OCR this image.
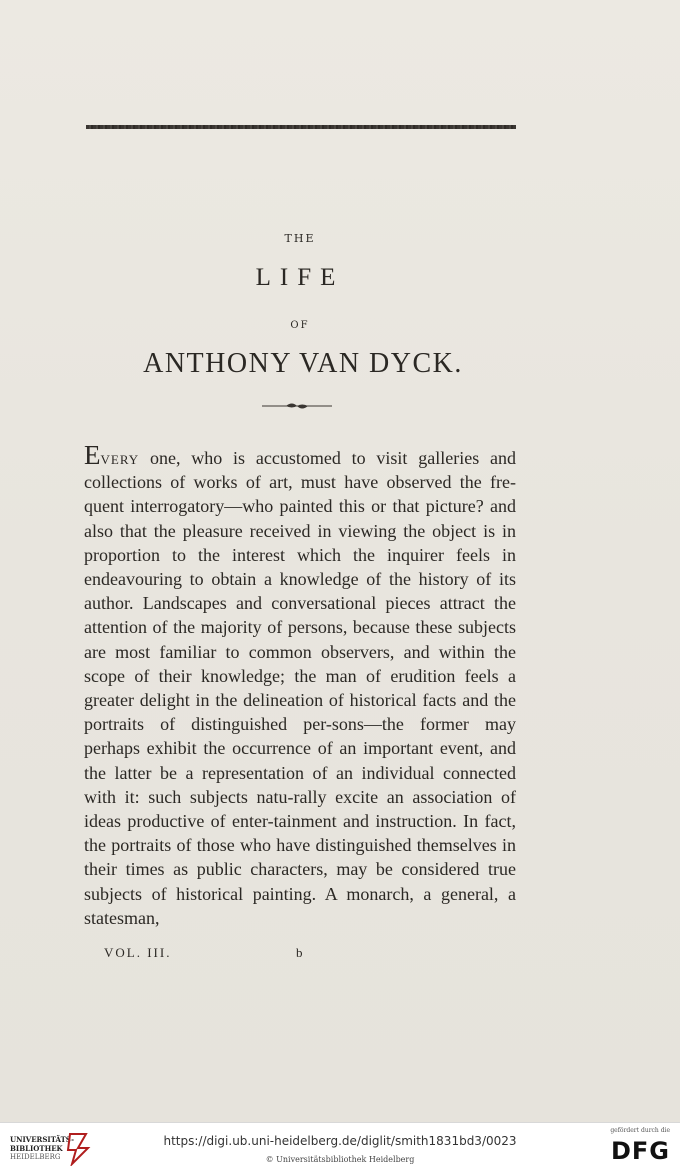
THE
LIFE
OF
ANTHONY VAN DYCK.

Every one, who is accustomed to visit galleries and collections of works of art, must have observed the fre-quent interrogatory—who painted this or that picture? and also that the pleasure received in viewing the object is in proportion to the interest which the inquirer feels in endeavouring to obtain a knowledge of the history of its author. Landscapes and conversational pieces attract the attention of the majority of persons, because these subjects are most familiar to common observers, and within the scope of their knowledge; the man of erudition feels a greater delight in the delineation of historical facts and the portraits of distinguished per-sons—the former may perhaps exhibit the occurrence of an important event, and the latter be a representation of an individual connected with it: such subjects natu-rally excite an association of ideas productive of enter-tainment and instruction. In fact, the portraits of those who have distinguished themselves in their times as public characters, may be considered true subjects of historical painting. A monarch, a general, a statesman,

VOL. III.	b
UNIVERSITÄTS-
BIBLIOTHEK
HEIDELBERG
https://digi.ub.uni-heidelberg.de/diglit/smith1831bd3/0023
© Universitätsbibliothek Heidelberg
gefördert durch die
DFG
